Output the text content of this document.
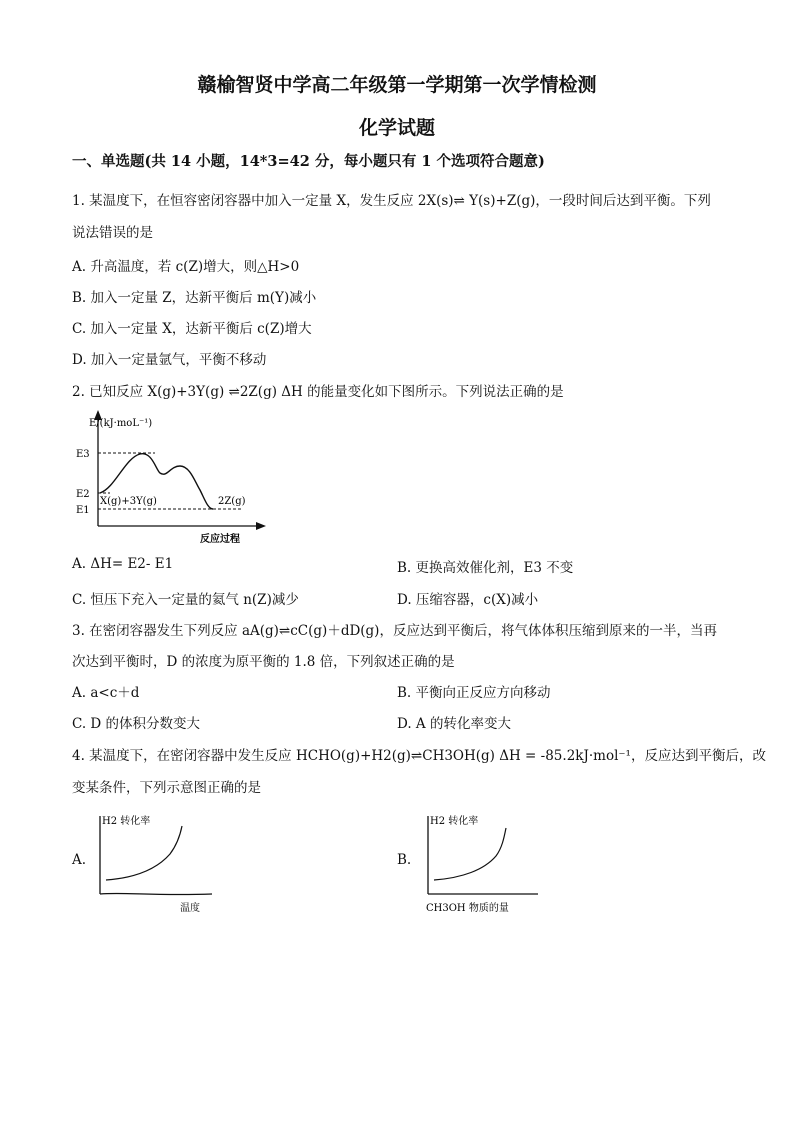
赣榆智贤中学高二年级第一学期第一次学情检测
化学试题
一、单选题(共 14 小题，14*3=42 分，每小题只有 1 个选项符合题意)
1. 某温度下，在恒容密闭容器中加入一定量 X，发生反应 2X(s)⇌ Y(s)+Z(g)，一段时间后达到平衡。下列
说法错误的是
A. 升高温度，若 c(Z)增大，则△H>0
B. 加入一定量 Z，达新平衡后 m(Y)减小
C. 加入一定量 X，达新平衡后 c(Z)增大
D. 加入一定量氩气，平衡不移动
2. 已知反应 X(g)+3Y(g) ⇌2Z(g) ΔH 的能量变化如下图所示。下列说法正确的是
E/(kJ·moL⁻¹)
E3
E2
E1
X(g)+3Y(g)	2Z(g)
反应过程
A. ΔH= E2- E1	B. 更换高效催化剂，E3 不变
C. 恒压下充入一定量的氦气 n(Z)减少	D. 压缩容器，c(X)减小
3. 在密闭容器发生下列反应 aA(g)⇌cC(g)＋dD(g)，反应达到平衡后，将气体体积压缩到原来的一半，当再
次达到平衡时，D 的浓度为原平衡的 1.8 倍，下列叙述正确的是
A. a<c＋d	B. 平衡向正反应方向移动
C. D 的体积分数变大	D. A 的转化率变大
4. 某温度下，在密闭容器中发生反应 HCHO(g)+H2(g)⇌CH3OH(g) ΔH = -85.2kJ·mol⁻¹，反应达到平衡后，改
变某条件，下列示意图正确的是
A.
H2 转化率
温度
B.
H2 转化率
CH3OH 物质的量
